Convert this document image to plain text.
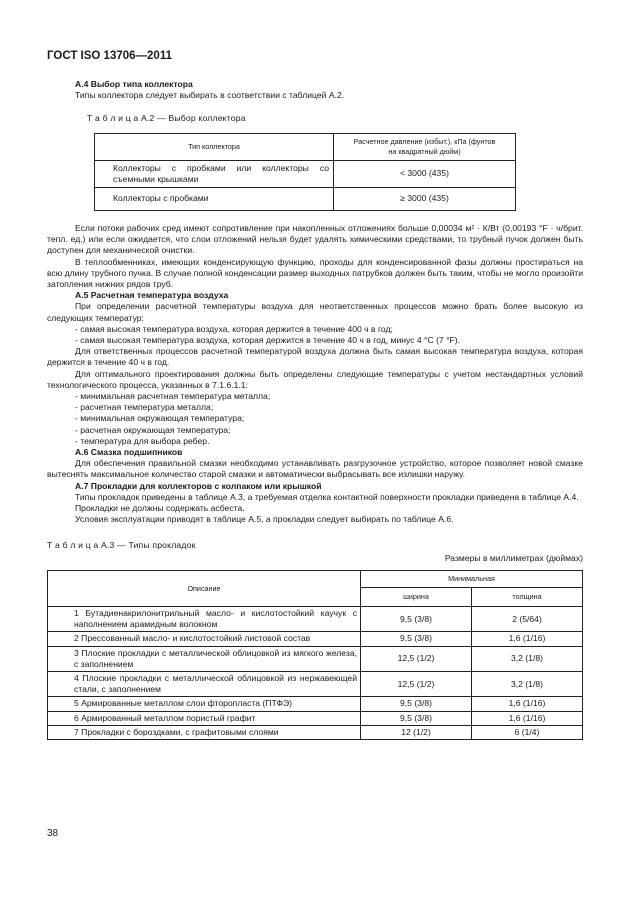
ГОСТ ISO 13706—2011
А.4 Выбор типа коллектора
Типы коллектора следует выбирать в соответствии с таблицей А.2.
Т а б л и ц а А.2 — Выбор коллектора
Тип коллектора	Расчетное давление (избыт.), кПа (фунтов на квадратный дюйм)
Коллекторы с пробками или коллекторы со съемными крышками	< 3000 (435)
Коллекторы с пробками	≥ 3000 (435)
Если потоки рабочих сред имеют сопротивление при накопленных отложениях больше 0,00034 м² · К/Вт (0,00193 °F · ч/брит. тепл. ед.) или если ожидается, что слои отложений нельзя будет удалять химическими средствами, то трубный пучок должен быть доступен для механической очистки.
В теплообменниках, имеющих конденсирующую функцию, проходы для конденсированной фазы должны простираться на всю длину трубного пучка. В случае полной конденсации размер выходных патрубков должен быть таким, чтобы не могло произойти затопления нижних рядов труб.
А.5 Расчетная температура воздуха
При определении расчетной температуры воздуха для неответственных процессов можно брать более высокую из следующих температур:
- самая высокая температура воздуха, которая держится в течение 400 ч в год;
- самая высокая температура воздуха, которая держится в течение 40 ч в год, минус 4 °С (7 °F).
Для ответственных процессов расчетной температурой воздуха должна быть самая высокая температура воздуха, которая держится в течение 40 ч в год.
Для оптимального проектирования должны быть определены следующие температуры с учетом нестандартных условий технологического процесса, указанных в 7.1.6.1.1:
- минимальная расчетная температура металла;
- расчетная температура металла;
- минимальная окружающая температура;
- расчетная окружающая температура;
- температура для выбора ребер.
А.6 Смазка подшипников
Для обеспечения правильной смазки необходимо устанавливать разгрузочное устройство, которое позволяет новой смазке вытеснять максимальное количество старой смазки и автоматически выбрасывать все излишки наружу.
А.7 Прокладки для коллекторов с колпаком или крышкой
Типы прокладок приведены в таблице А.3, а требуемая отделка контактной поверхности прокладки приведена в таблице А.4.
Прокладки не должны содержать асбеста.
Условия эксплуатации приводят в таблице А.5, а прокладки следует выбирать по таблице А.6.
Т а б л и ц а А.3 — Типы прокладок
Размеры в миллиметрах (дюймах)
Описание	Минимальная	
	ширина	толщина
1 Бутадиенакрилонитрильный масло- и кислотостойкий каучук с наполнением арамидным волокном	9,5 (3/8)	2 (5/64)
2 Прессованный масло- и кислотостойкий листовой состав	9,5 (3/8)	1,6 (1/16)
3 Плоские прокладки с металлической облицовкой из мягкого железа, с заполнением	12,5 (1/2)	3,2 (1/8)
4 Плоские прокладки с металлической облицовкой из нержавеющей стали, с заполнением	12,5 (1/2)	3,2 (1/8)
5 Армированные металлом слои фторопласта (ПТФЭ)	9,5 (3/8)	1,6 (1/16)
6 Армированный металлом пористый графит	9,5 (3/8)	1,6 (1/16)
7 Прокладки с бороздками, с графитовыми слоями	12 (1/2)	6 (1/4)
38
